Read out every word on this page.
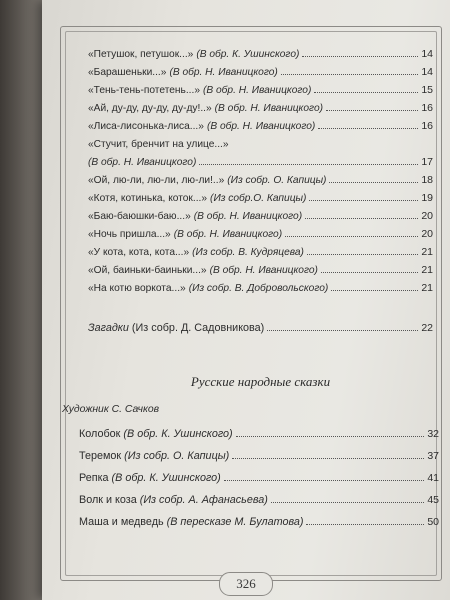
«Петушок, петушок...» (В обр. К. Ушинского)	14
«Барашеньки...» (В обр. Н. Иваницкого)	14
«Тень-тень-потетень...» (В обр. Н. Иваницкого)	15
«Ай, ду-ду, ду-ду, ду-ду!..» (В обр. Н. Иваницкого)	16
«Лиса-лисонька-лиса...» (В обр. Н. Иваницкого)	16
«Стучит, бренчит на улице...»
(В обр. Н. Иваницкого)	17
«Ой, лю-ли, лю-ли, лю-ли!..» (Из собр. О. Капицы)	18
«Котя, котинька, коток...» (Из собр.О. Капицы)	19
«Баю-баюшки-баю...» (В обр. Н. Иваницкого)	20
«Ночь пришла...» (В обр. Н. Иваницкого)	20
«У кота, кота, кота...» (Из собр. В. Кудряцева)	21
«Ой, баиньки-баиньки...» (В обр. Н. Иваницкого)	21
«На котю воркота...» (Из собр. В. Добровольского)	21
Загадки (Из собр. Д. Садовникова)	22
Русские народные сказки
Художник С. Сачков
Колобок (В обр. К. Ушинского)	32
Теремок (Из собр. О. Капицы)	37
Репка (В обр. К. Ушинского)	41
Волк и коза (Из собр. А. Афанасьева)	45
Маша и медведь (В пересказе М. Булатова)	50
326
